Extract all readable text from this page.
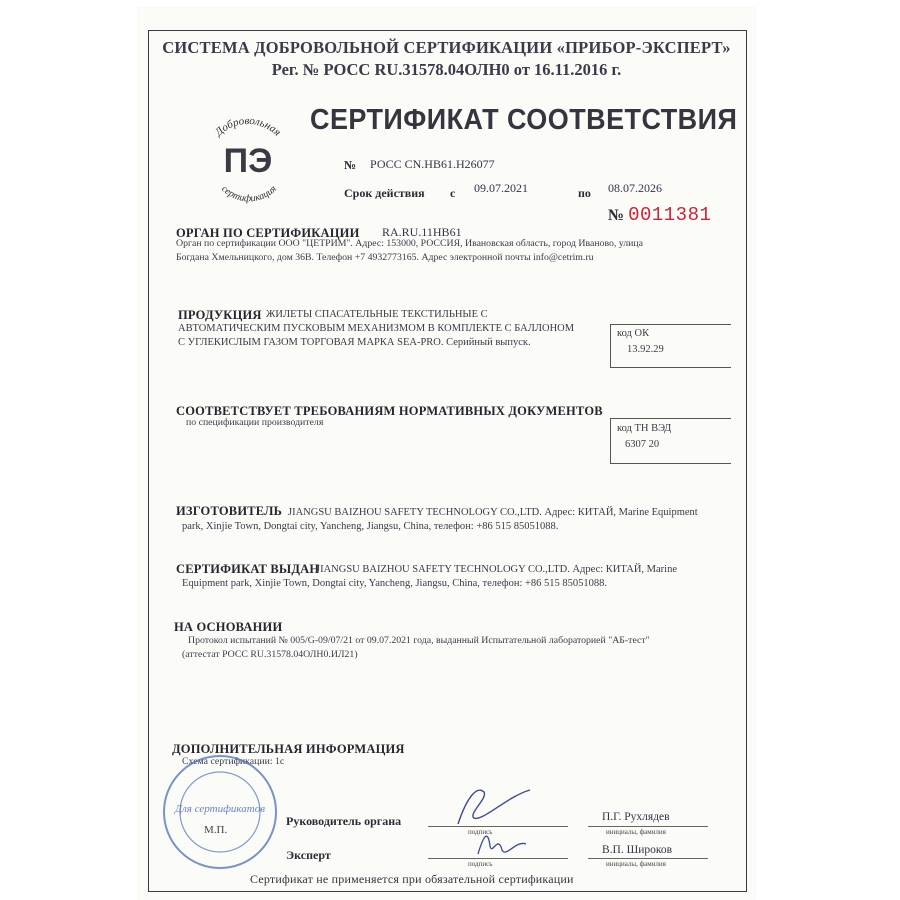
СИСТЕМА ДОБРОВОЛЬНОЙ СЕРТИФИКАЦИИ «ПРИБОР-ЭКСПЕРТ»
Рег. № РОСС RU.31578.04ОЛН0 от 16.11.2016 г.
Добровольная
ПЭ
сертификация
СЕРТИФИКАТ СООТВЕТСТВИЯ
№ РОСС CN.НВ61.Н26077
Срок действия с 09.07.2021	по 08.07.2026
№ 0011381
ОРГАН ПО СЕРТИФИКАЦИИ RA.RU.11НВ61
Орган по сертификации ООО "ЦЕТРИМ". Адрес: 153000, РОССИЯ, Ивановская область, город Иваново, улица
Богдана Хмельницкого, дом 36В. Телефон +7 4932773165. Адрес электронной почты info@cetrim.ru
ПРОДУКЦИЯ ЖИЛЕТЫ СПАСАТЕЛЬНЫЕ ТЕКСТИЛЬНЫЕ С
АВТОМАТИЧЕСКИМ ПУСКОВЫМ МЕХАНИЗМОМ В КОМПЛЕКТЕ С БАЛЛОНОМ
С УГЛЕКИСЛЫМ ГАЗОМ ТОРГОВАЯ МАРКА SEA-PRO. Серийный выпуск.
код ОК
13.92.29
СООТВЕТСТВУЕТ ТРЕБОВАНИЯМ НОРМАТИВНЫХ ДОКУМЕНТОВ
по спецификации производителя
код ТН ВЭД
6307 20
ИЗГОТОВИТЕЛЬ JIANGSU BAIZHOU SAFETY TECHNOLOGY CO.,LTD. Адрес: КИТАЙ, Marine Equipment
park, Xinjie Town, Dongtai city, Yancheng, Jiangsu, China, телефон: +86 515 85051088.
СЕРТИФИКАТ ВЫДАН
JIANGSU BAIZHOU SAFETY TECHNOLOGY CO.,LTD. Адрес: КИТАЙ, Marine
Equipment park, Xinjie Town, Dongtai city, Yancheng, Jiangsu, China, телефон: +86 515 85051088.
НА ОСНОВАНИИ
Протокол испытаний № 005/G-09/07/21 от 09.07.2021 года, выданный Испытательной лабораторией "АБ-тест"
(аттестат РОСС RU.31578.04ОЛН0.ИЛ21)
ДОПОЛНИТЕЛЬНАЯ ИНФОРМАЦИЯ
Схема сертификации: 1с
Для сертификатов
М.П.
Руководитель органа
подпись
П.Г. Рухлядев
инициалы, фамилия
Эксперт
подпись
В.П. Широков
инициалы, фамилия
Сертификат не применяется при обязательной сертификации
